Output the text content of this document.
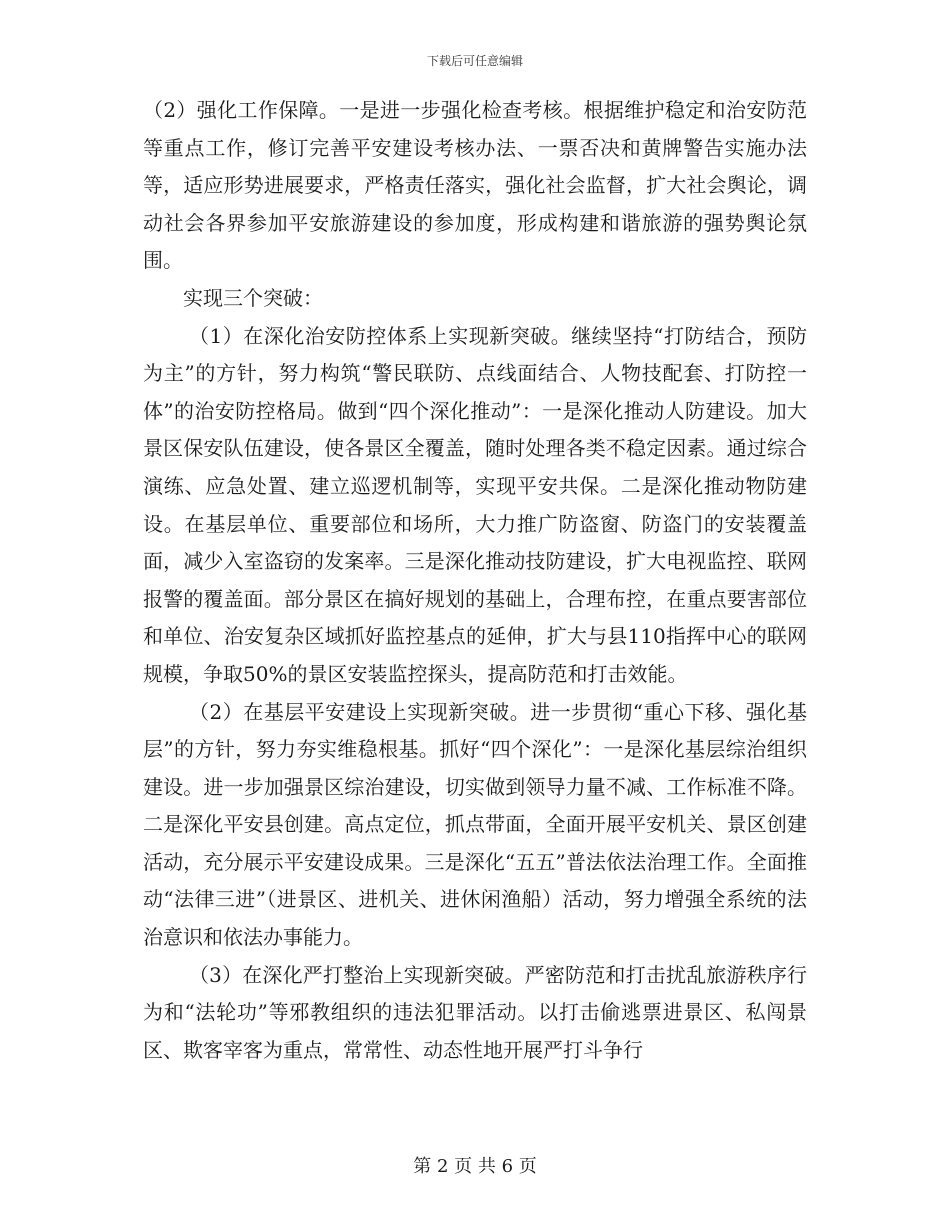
下载后可任意编辑

（2）强化工作保障。一是进一步强化检查考核。根据维护稳定和治安防范等重点工作，修订完善平安建设考核办法、一票否决和黄牌警告实施办法等，适应形势进展要求，严格责任落实，强化社会监督，扩大社会舆论，调动社会各界参加平安旅游建设的参加度，形成构建和谐旅游的强势舆论氛围。

实现三个突破：

（1）在深化治安防控体系上实现新突破。继续坚持“打防结合，预防为主”的方针，努力构筑“警民联防、点线面结合、人物技配套、打防控一体”的治安防控格局。做到“四个深化推动”：一是深化推动人防建设。加大景区保安队伍建设，使各景区全覆盖，随时处理各类不稳定因素。通过综合演练、应急处置、建立巡逻机制等，实现平安共保。二是深化推动物防建设。在基层单位、重要部位和场所，大力推广防盗窗、防盗门的安装覆盖面，减少入室盗窃的发案率。三是深化推动技防建设，扩大电视监控、联网报警的覆盖面。部分景区在搞好规划的基础上，合理布控，在重点要害部位和单位、治安复杂区域抓好监控基点的延伸，扩大与县110指挥中心的联网规模，争取50%的景区安装监控探头，提高防范和打击效能。

（2）在基层平安建设上实现新突破。进一步贯彻“重心下移、强化基层”的方针，努力夯实维稳根基。抓好“四个深化”：一是深化基层综治组织建设。进一步加强景区综治建设，切实做到领导力量不减、工作标准不降。二是深化平安县创建。高点定位，抓点带面，全面开展平安机关、景区创建活动，充分展示平安建设成果。三是深化“五五”普法依法治理工作。全面推动“法律三进”（进景区、进机关、进休闲渔船）活动，努力增强全系统的法治意识和依法办事能力。

（3）在深化严打整治上实现新突破。严密防范和打击扰乱旅游秩序行为和“法轮功”等邪教组织的违法犯罪活动。以打击偷逃票进景区、私闯景区、欺客宰客为重点，常常性、动态性地开展严打斗争行

第 2 页 共 6 页
